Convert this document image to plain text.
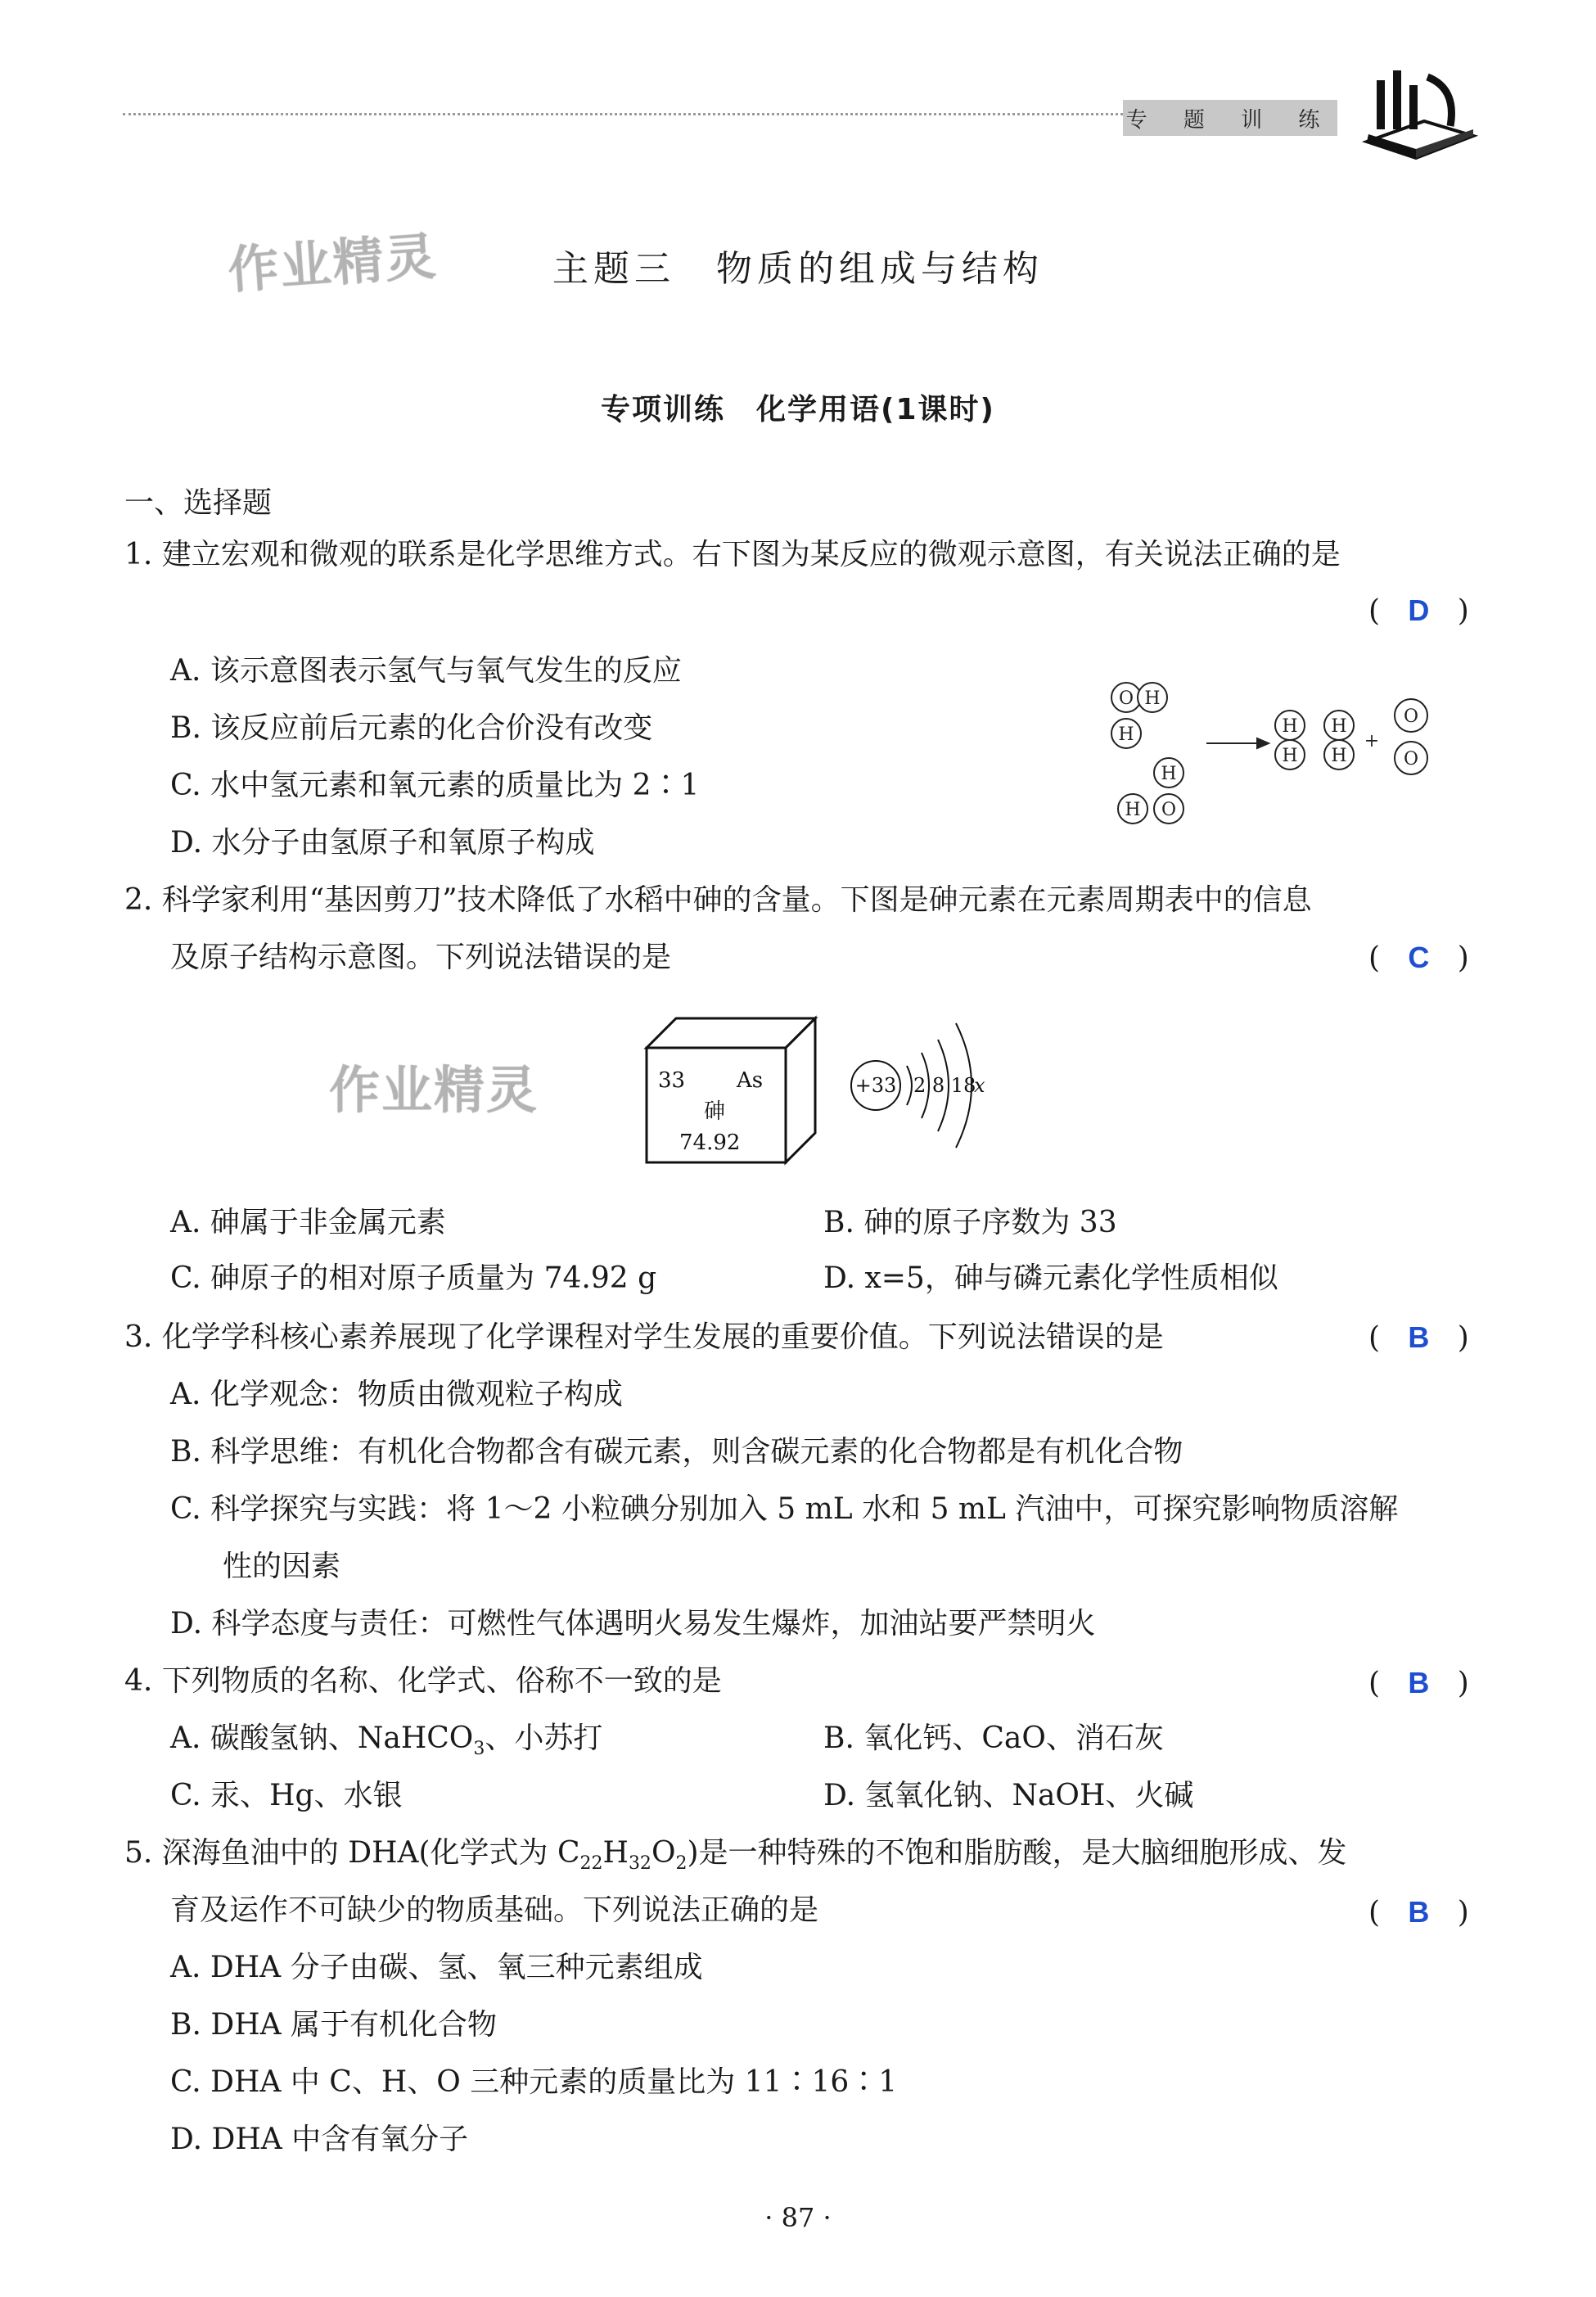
专 题 训 练
作业精灵
作业精灵
主题三　物质的组成与结构
专项训练　化学用语(1课时)
一、选择题
1. 建立宏观和微观的联系是化学思维方式。右下图为某反应的微观示意图，有关说法正确的是
( D )
A. 该示意图表示氢气与氧气发生的反应
B. 该反应前后元素的化合价没有改变
C. 水中氢元素和氧元素的质量比为 2∶1
D. 水分子由氢原子和氧原子构成
O H
H
H
H O
H
H
H
H
+
O
O
2. 科学家利用“基因剪刀”技术降低了水稻中砷的含量。下图是砷元素在元素周期表中的信息
及原子结构示意图。下列说法错误的是	( C )
33 As
砷
74.92
+33 2 8 18
x
A. 砷属于非金属元素	B. 砷的原子序数为 33
C. 砷原子的相对原子质量为 74.92 g	D. x=5，砷与磷元素化学性质相似
3. 化学学科核心素养展现了化学课程对学生发展的重要价值。下列说法错误的是	( B )
A. 化学观念：物质由微观粒子构成
B. 科学思维：有机化合物都含有碳元素，则含碳元素的化合物都是有机化合物
C. 科学探究与实践：将 1～2 小粒碘分别加入 5 mL 水和 5 mL 汽油中，可探究影响物质溶解
性的因素
D. 科学态度与责任：可燃性气体遇明火易发生爆炸，加油站要严禁明火
4. 下列物质的名称、化学式、俗称不一致的是	( B )
A. 碳酸氢钠、NaHCO$_3$、小苏打	B. 氧化钙、CaO、消石灰
C. 汞、Hg、水银	D. 氢氧化钠、NaOH、火碱
5. 深海鱼油中的 DHA(化学式为 $C_{22}H_{32}O_2$)是一种特殊的不饱和脂肪酸，是大脑细胞形成、发
育及运作不可缺少的物质基础。下列说法正确的是	( B )
A. DHA 分子由碳、氢、氧三种元素组成
B. DHA 属于有机化合物
C. DHA 中 C、H、O 三种元素的质量比为 11∶16∶1
D. DHA 中含有氧分子
· 87 ·
